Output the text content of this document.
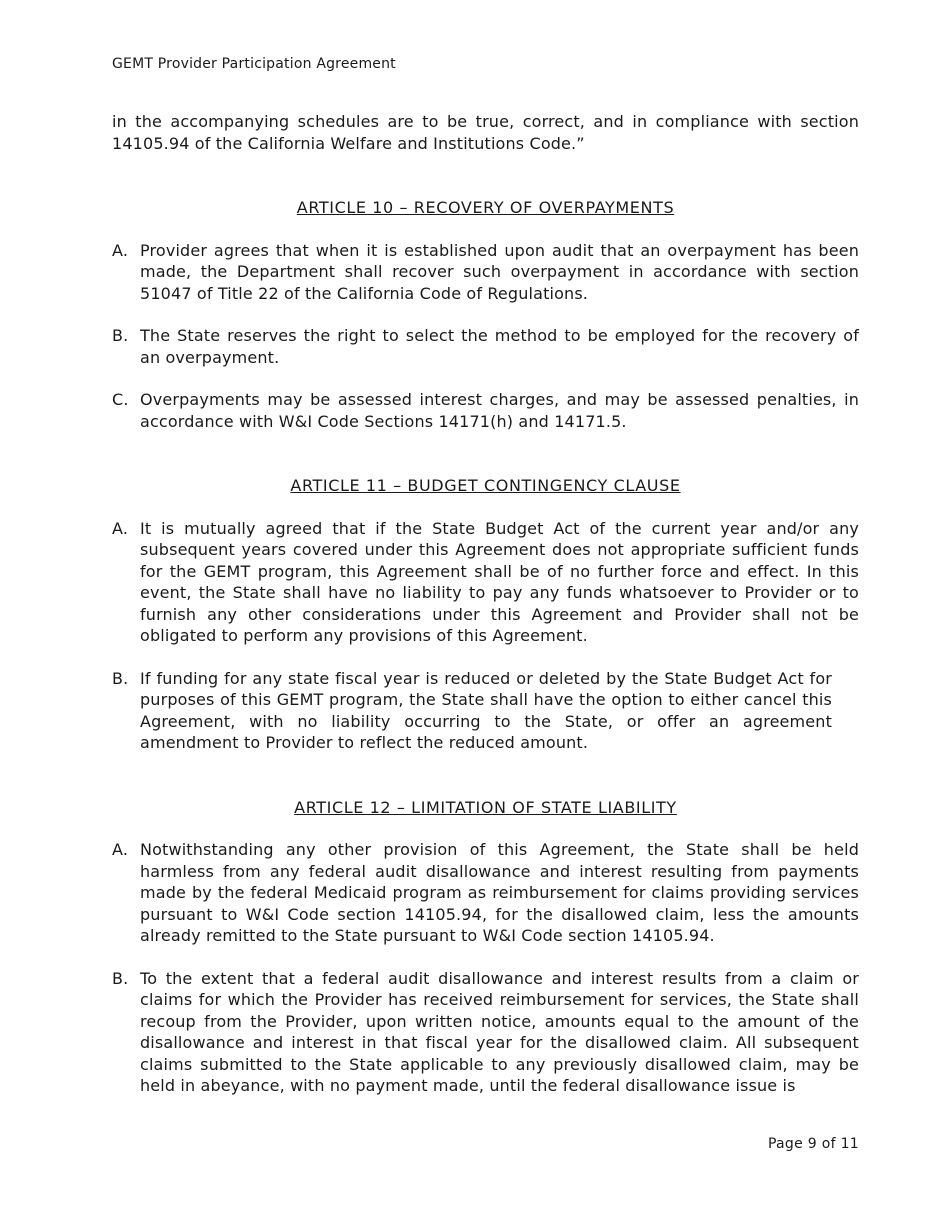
GEMT Provider Participation Agreement

in the accompanying schedules are to be true, correct, and in compliance with section 14105.94 of the California Welfare and Institutions Code.”

ARTICLE 10 – RECOVERY OF OVERPAYMENTS
A. Provider agrees that when it is established upon audit that an overpayment has been made, the Department shall recover such overpayment in accordance with section 51047 of Title 22 of the California Code of Regulations.
B. The State reserves the right to select the method to be employed for the recovery of an overpayment.
C. Overpayments may be assessed interest charges, and may be assessed penalties, in accordance with W&I Code Sections 14171(h) and 14171.5.
ARTICLE 11 – BUDGET CONTINGENCY CLAUSE
A. It is mutually agreed that if the State Budget Act of the current year and/or any subsequent years covered under this Agreement does not appropriate sufficient funds for the GEMT program, this Agreement shall be of no further force and effect. In this event, the State shall have no liability to pay any funds whatsoever to Provider or to furnish any other considerations under this Agreement and Provider shall not be obligated to perform any provisions of this Agreement.
B. If funding for any state fiscal year is reduced or deleted by the State Budget Act for purposes of this GEMT program, the State shall have the option to either cancel this Agreement, with no liability occurring to the State, or offer an agreement amendment to Provider to reflect the reduced amount.
ARTICLE 12 – LIMITATION OF STATE LIABILITY
A. Notwithstanding any other provision of this Agreement, the State shall be held harmless from any federal audit disallowance and interest resulting from payments made by the federal Medicaid program as reimbursement for claims providing services pursuant to W&I Code section 14105.94, for the disallowed claim, less the amounts already remitted to the State pursuant to W&I Code section 14105.94.
B. To the extent that a federal audit disallowance and interest results from a claim or claims for which the Provider has received reimbursement for services, the State shall recoup from the Provider, upon written notice, amounts equal to the amount of the disallowance and interest in that fiscal year for the disallowed claim. All subsequent claims submitted to the State applicable to any previously disallowed claim, may be held in abeyance, with no payment made, until the federal disallowance issue is
Page 9 of 11
